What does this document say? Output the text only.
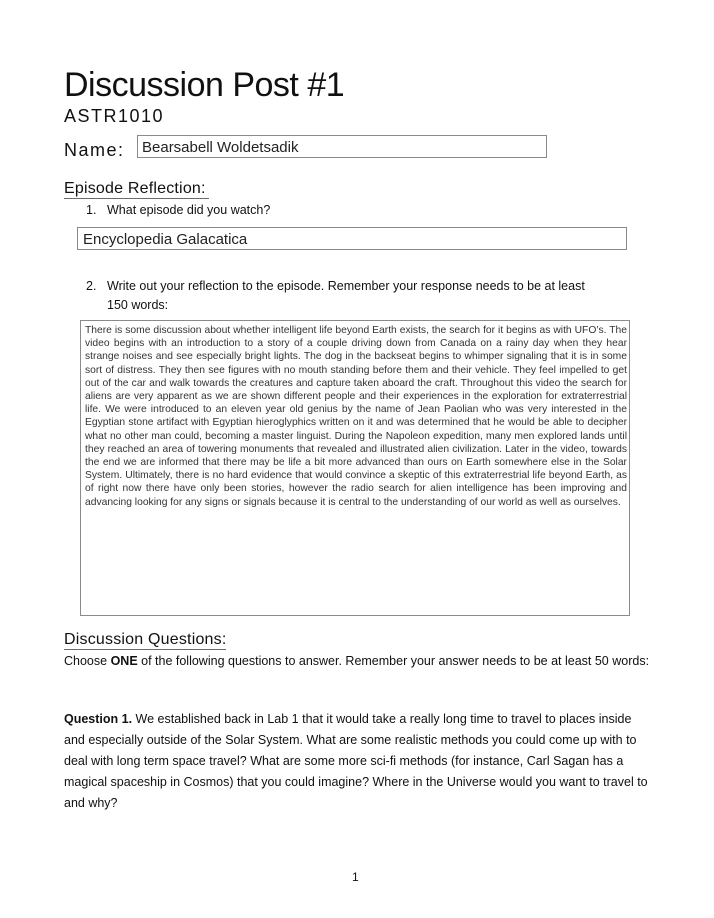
Discussion Post #1
ASTR1010
Name:	Bearsabell Woldetsadik
Episode Reflection:
1. What episode did you watch?
Encyclopedia Galacatica
2. Write out your reflection to the episode. Remember your response needs to be at least
150 words:
There is some discussion about whether intelligent life beyond Earth exists, the search for it begins as with UFO’s. The video begins with an introduction to a story of a couple driving down from Canada on a rainy day when they hear strange noises and see especially bright lights. The dog in the backseat begins to whimper signaling that it is in some sort of distress. They then see figures with no mouth standing before them and their vehicle. They feel impelled to get out of the car and walk towards the creatures and capture taken aboard the craft. Throughout this video the search for aliens are very apparent as we are shown different people and their experiences in the exploration for extraterrestrial life. We were introduced to an eleven year old genius by the name of Jean Paolian who was very interested in the Egyptian stone artifact with Egyptian hieroglyphics written on it and was determined that he would be able to decipher what no other man could, becoming a master linguist. During the Napoleon expedition, many men explored lands until they reached an area of towering monuments that revealed and illustrated alien civilization. Later in the video, towards the end we are informed that there may be life a bit more advanced than ours on Earth somewhere else in the Solar System. Ultimately, there is no hard evidence that would convince a skeptic of this extraterrestrial life beyond Earth, as of right now there have only been stories, however the radio search for alien intelligence has been improving and advancing looking for any signs or signals because it is central to the understanding of our world as well as ourselves.
Discussion Questions:
Choose ONE of the following questions to answer. Remember your answer needs to be at least 50 words:
Question 1. We established back in Lab 1 that it would take a really long time to travel to places inside and especially outside of the Solar System. What are some realistic methods you could come up with to deal with long term space travel? What are some more sci-fi methods (for instance, Carl Sagan has a magical spaceship in Cosmos) that you could imagine? Where in the Universe would you want to travel to and why?
1
